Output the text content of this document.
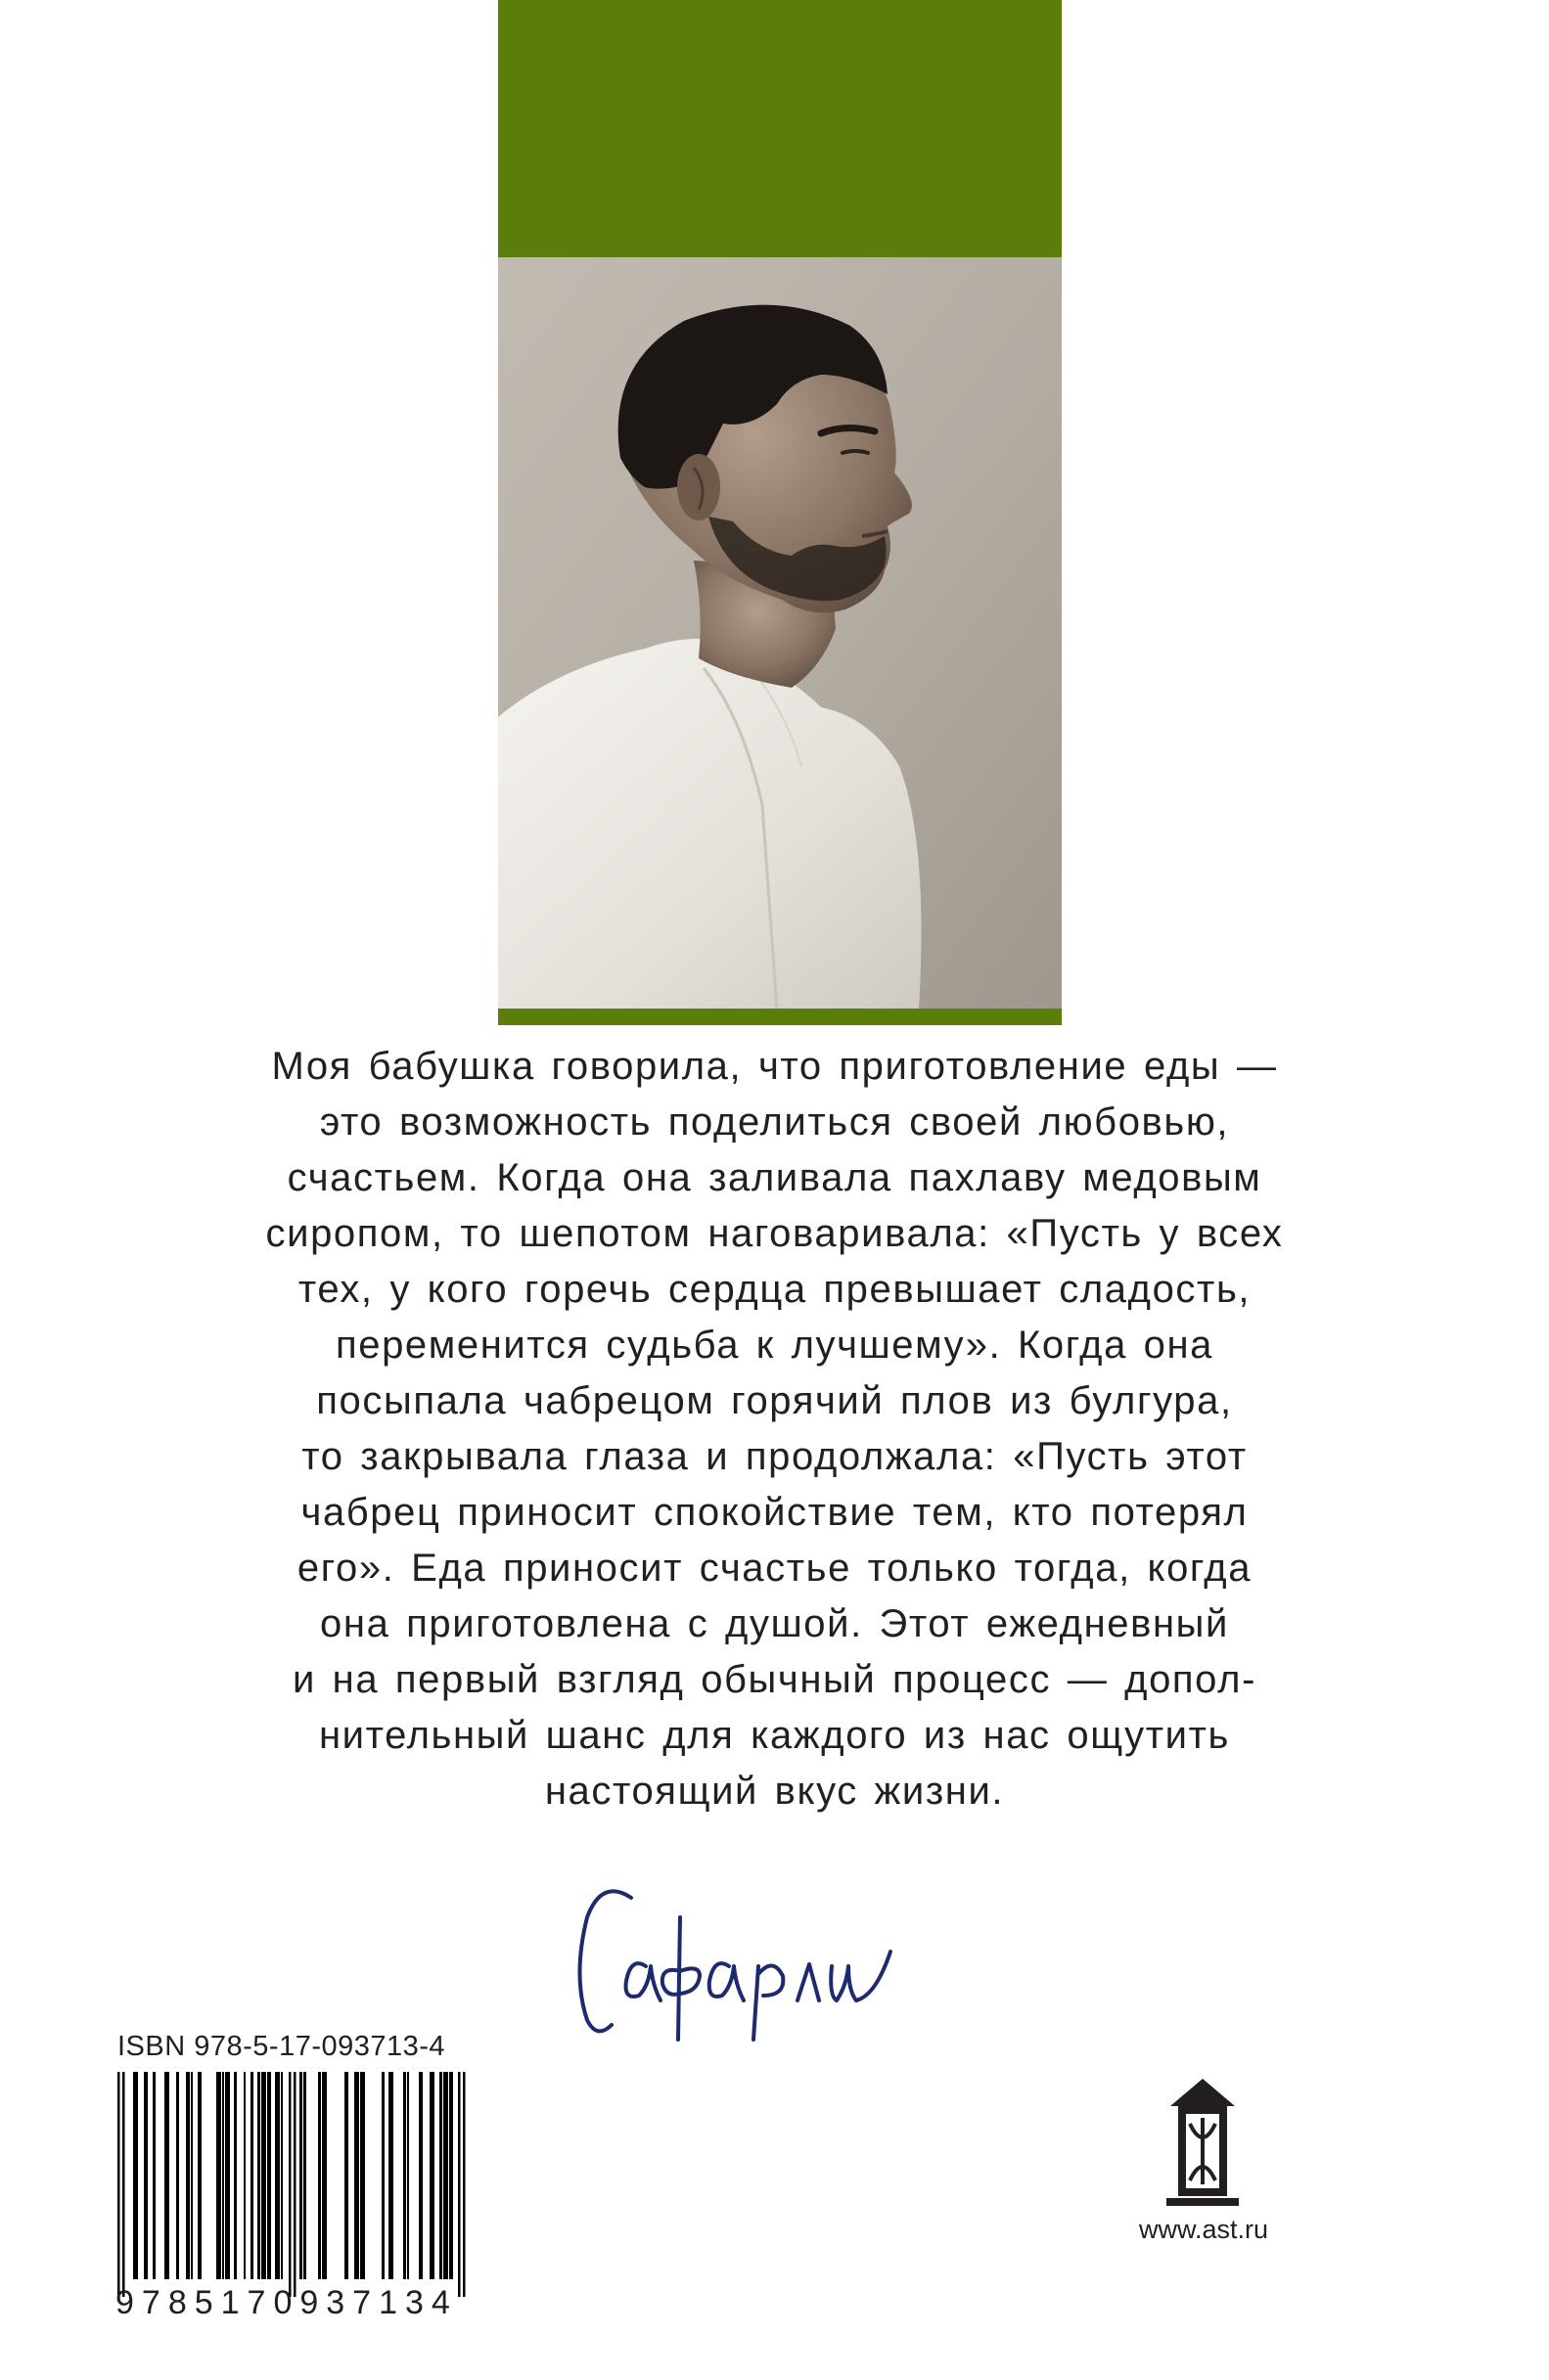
Моя бабушка говорила, что приготовление еды —
это возможность поделиться своей любовью,
счастьем. Когда она заливала пахлаву медовым
сиропом, то шепотом наговаривала: «Пусть у всех
тех, у кого горечь сердца превышает сладость,
переменится судьба к лучшему». Когда она
посыпала чабрецом горячий плов из булгура,
то закрывала глаза и продолжала: «Пусть этот
чабрец приносит спокойствие тем, кто потерял
его». Еда приносит счастье только тогда, когда
она приготовлена с душой. Этот ежедневный
и на первый взгляд обычный процесс — допол-
нительный шанс для каждого из нас ощутить
настоящий вкус жизни.

ISBN 978-5-17-093713-4
9785170937134
www.ast.ru
